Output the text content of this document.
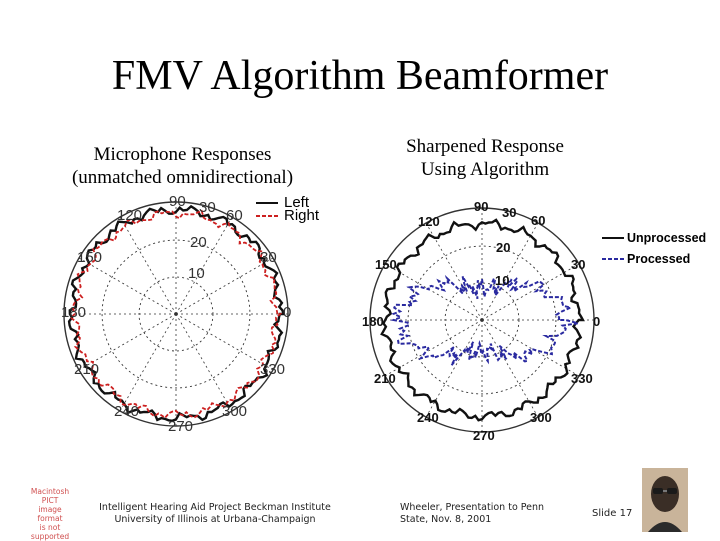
FMV Algorithm Beamformer
Microphone Responses
(unmatched omnidirectional)
Sharpened Response
Using Algorithm
Left
Right
Unprocessed
Processed
90 30 60
120
150
180	0
210	330
240
270
300
20
30
10
90 30
60
120
150	30
180	0
210	330
240
270
300
20
10
Intelligent Hearing Aid Project Beckman Institute
University of Illinois at Urbana-Champaign
Wheeler, Presentation to Penn
State, Nov. 8, 2001
Slide 17
Macintosh PICT
image format
is not supported
